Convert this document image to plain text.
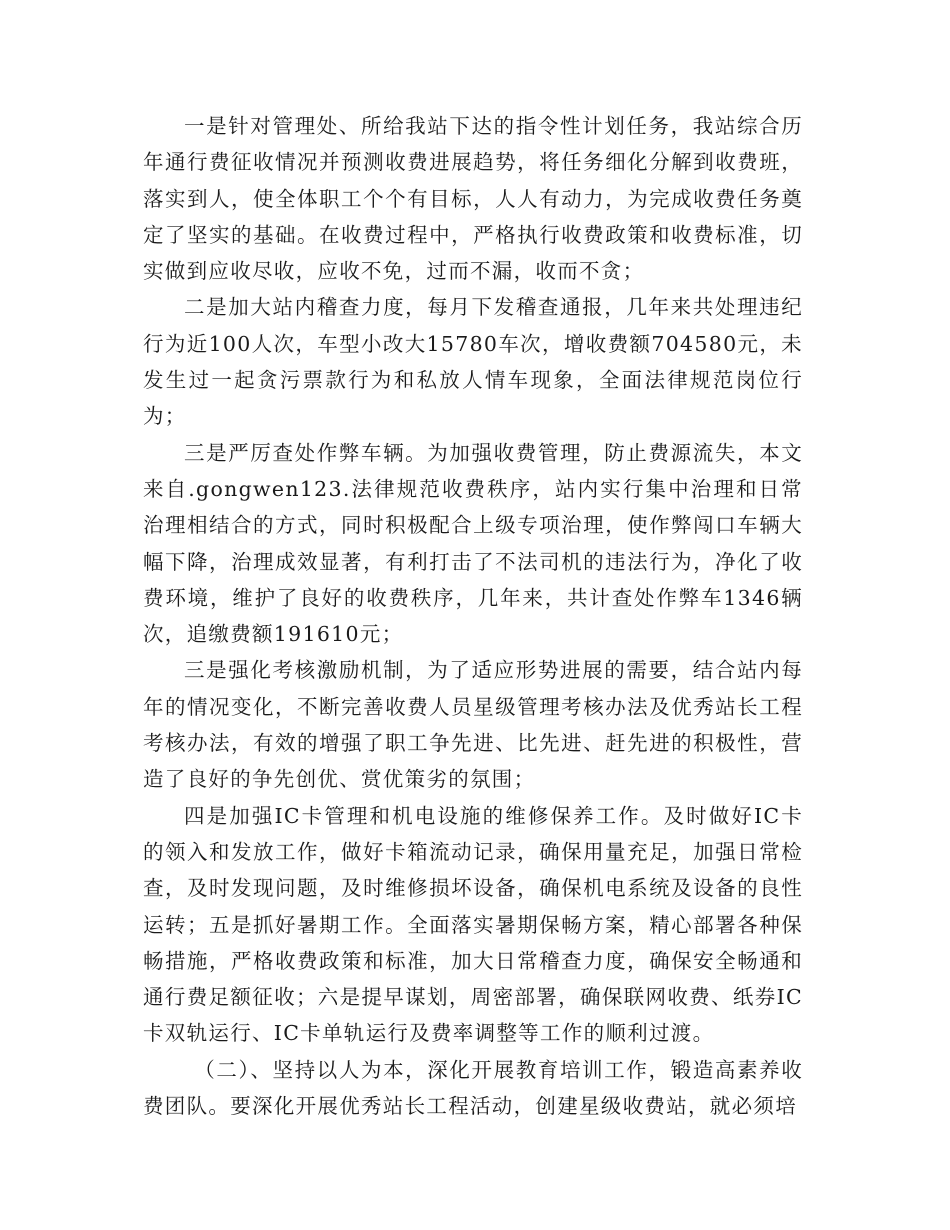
一是针对管理处、所给我站下达的指令性计划任务，我站综合历年通行费征收情况并预测收费进展趋势，将任务细化分解到收费班，落实到人，使全体职工个个有目标，人人有动力，为完成收费任务奠定了坚实的基础。在收费过程中，严格执行收费政策和收费标准，切实做到应收尽收，应收不免，过而不漏，收而不贪；

二是加大站内稽查力度，每月下发稽查通报，几年来共处理违纪行为近100人次，车型小改大15780车次，增收费额704580元，未发生过一起贪污票款行为和私放人情车现象，全面法律规范岗位行为；

三是严厉查处作弊车辆。为加强收费管理，防止费源流失，本文来自.gongwen123.法律规范收费秩序，站内实行集中治理和日常治理相结合的方式，同时积极配合上级专项治理，使作弊闯口车辆大幅下降，治理成效显著，有利打击了不法司机的违法行为，净化了收费环境，维护了良好的收费秩序，几年来，共计查处作弊车1346辆次，追缴费额191610元；

三是强化考核激励机制，为了适应形势进展的需要，结合站内每年的情况变化，不断完善收费人员星级管理考核办法及优秀站长工程考核办法，有效的增强了职工争先进、比先进、赶先进的积极性，营造了良好的争先创优、赏优策劣的氛围；

四是加强IC卡管理和机电设施的维修保养工作。及时做好IC卡的领入和发放工作，做好卡箱流动记录，确保用量充足，加强日常检查，及时发现问题，及时维修损坏设备，确保机电系统及设备的良性运转；五是抓好暑期工作。全面落实暑期保畅方案，精心部署各种保畅措施，严格收费政策和标准，加大日常稽查力度，确保安全畅通和通行费足额征收；六是提早谋划，周密部署，确保联网收费、纸券IC卡双轨运行、IC卡单轨运行及费率调整等工作的顺利过渡。

（二）、坚持以人为本，深化开展教育培训工作，锻造高素养收费团队。要深化开展优秀站长工程活动，创建星级收费站，就必须培
